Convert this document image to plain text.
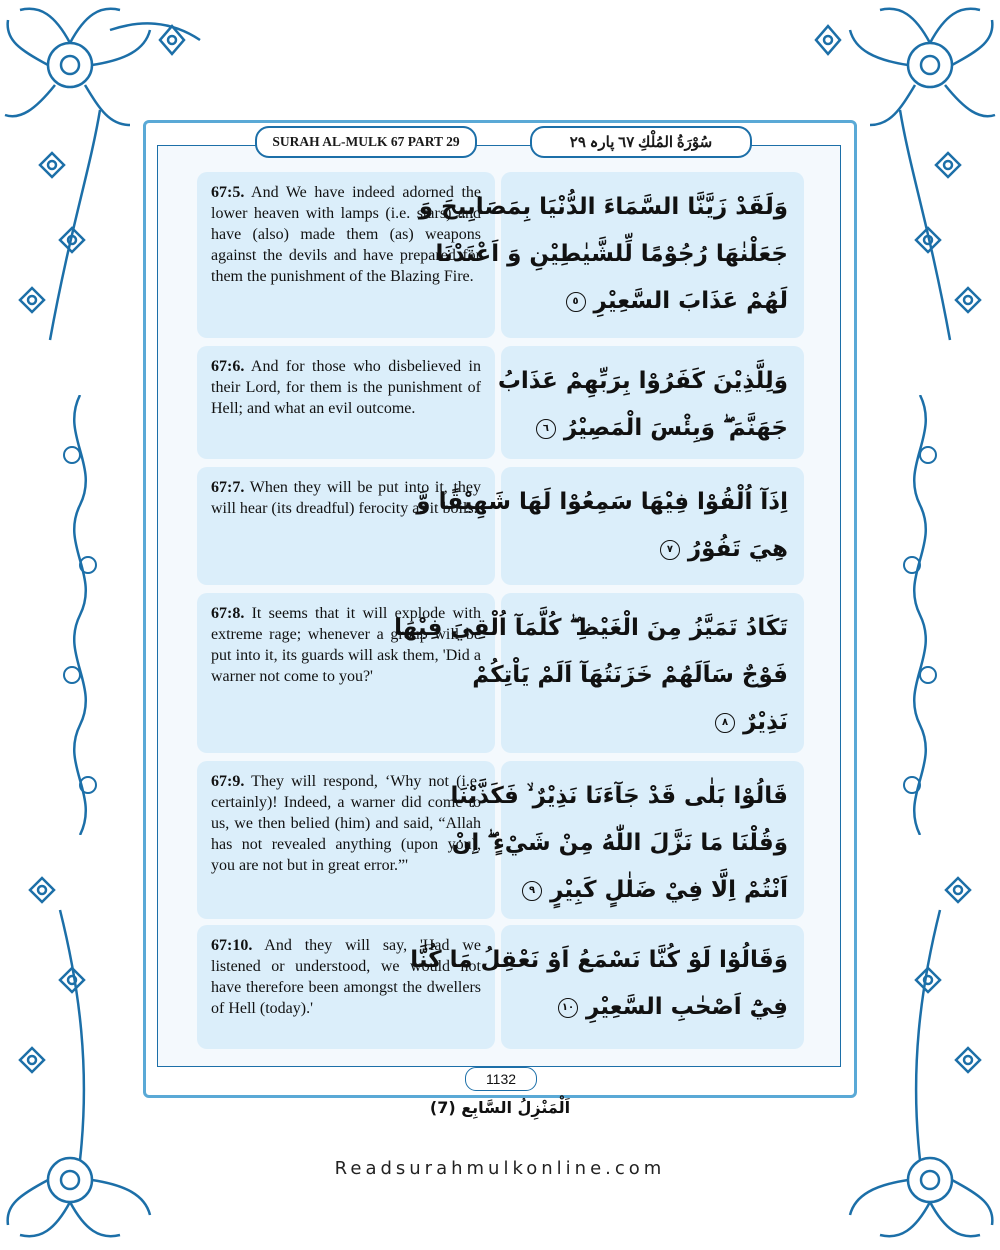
SURAH AL-MULK 67 PART 29	سُوْرَةُ المُلْكِ ٦٧ پارہ ٢٩
67:5. And We have indeed adorned the lower heaven with lamps (i.e. stars) and have (also) made them (as) weapons against the devils and have prepared for them the punishment of the Blazing Fire.
وَلَقَدْ زَيَّنَّا السَّمَاءَ الدُّنْيَا بِمَصَابِيحَ وَ
جَعَلْنٰهَا رُجُوْمًا لِّلشَّيٰطِيْنِ وَ اَعْتَدْنَا
لَهُمْ عَذَابَ السَّعِيْرِ ٥
67:6. And for those who disbelieved in their Lord, for them is the punishment of Hell; and what an evil outcome.
وَلِلَّذِيْنَ كَفَرُوْا بِرَبِّهِمْ عَذَابُ
جَهَنَّمَ ۖ وَبِئْسَ الْمَصِيْرُ ٦
67:7. When they will be put into it, they will hear (its dreadful) ferocity as it boils.
اِذَآ اُلْقُوْا فِيْهَا سَمِعُوْا لَهَا شَهِيْقًا وَّ
هِيَ تَفُوْرُ ٧
67:8. It seems that it will explode with extreme rage; whenever a group will be put into it, its guards will ask them, 'Did a warner not come to you?'
تَكَادُ تَمَيَّزُ مِنَ الْغَيْظِ ۖ كُلَّمَآ اُلْقِيَ فِيْهَا
فَوْجٌ سَاَلَهُمْ خَزَنَتُهَآ اَلَمْ يَاْتِكُمْ
نَذِيْرٌ ٨
67:9. They will respond, ‘Why not (i.e. certainly)! Indeed, a warner did come to us, we then belied (him) and said, “Allah has not revealed anything (upon you), you are not but in great error.”'
قَالُوْا بَلٰى قَدْ جَآءَنَا نَذِيْرٌ ۙ فَكَذَّبْنَا
وَقُلْنَا مَا نَزَّلَ اللّٰهُ مِنْ شَيْءٍ ۖ اِنْ
اَنْتُمْ اِلَّا فِيْ ضَلٰلٍ كَبِيْرٍ ٩
67:10. And they will say, 'Had we listened or understood, we would not have therefore been amongst the dwellers of Hell (today).'
وَقَالُوْا لَوْ كُنَّا نَسْمَعُ اَوْ نَعْقِلُ مَا كُنَّا
فِيْٓ اَصْحٰبِ السَّعِيْرِ ١٠
1132
اَلْمَنْزِلُ السَّابِع (7)
Readsurahmulkonline.com
